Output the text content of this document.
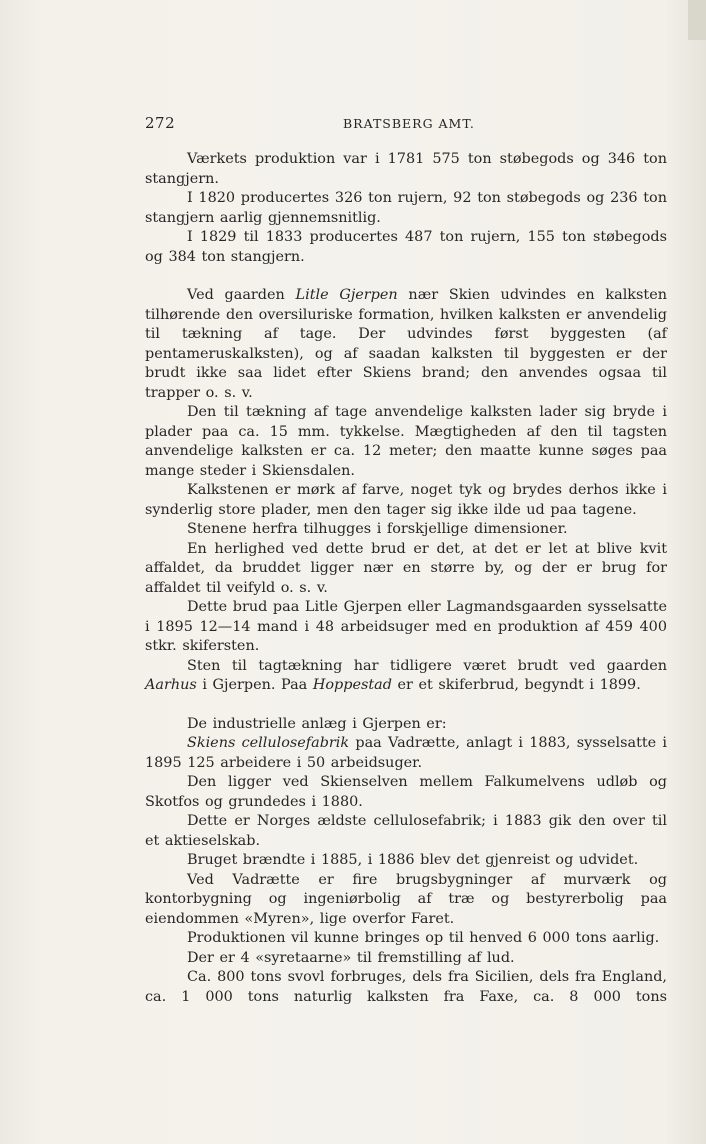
272	BRATSBERG AMT.

Værkets produktion var i 1781 575 ton støbegods og 346 ton stangjern.

I 1820 producertes 326 ton rujern, 92 ton støbegods og 236 ton stangjern aarlig gjennemsnitlig.

I 1829 til 1833 producertes 487 ton rujern, 155 ton støbegods og 384 ton stangjern.

Ved gaarden Litle Gjerpen nær Skien udvindes en kalksten tilhørende den oversiluriske formation, hvilken kalksten er anvendelig til tækning af tage. Der udvindes først byggesten (af pentameruskalksten), og af saadan kalksten til byggesten er der brudt ikke saa lidet efter Skiens brand; den anvendes ogsaa til trapper o. s. v.

Den til tækning af tage anvendelige kalksten lader sig bryde i plader paa ca. 15 mm. tykkelse. Mægtigheden af den til tagsten anvendelige kalksten er ca. 12 meter; den maatte kunne søges paa mange steder i Skiensdalen.

Kalkstenen er mørk af farve, noget tyk og brydes derhos ikke i synderlig store plader, men den tager sig ikke ilde ud paa tagene.

Stenene herfra tilhugges i forskjellige dimensioner.

En herlighed ved dette brud er det, at det er let at blive kvit affaldet, da bruddet ligger nær en større by, og der er brug for affaldet til veifyld o. s. v.

Dette brud paa Litle Gjerpen eller Lagmandsgaarden sysselsatte i 1895 12—14 mand i 48 arbeidsuger med en produktion af 459 400 stkr. skifersten.

Sten til tagtækning har tidligere været brudt ved gaarden Aarhus i Gjerpen. Paa Hoppestad er et skiferbrud, begyndt i 1899.

De industrielle anlæg i Gjerpen er:

Skiens cellulosefabrik paa Vadrætte, anlagt i 1883, sysselsatte i 1895 125 arbeidere i 50 arbeidsuger.

Den ligger ved Skienselven mellem Falkumelvens udløb og Skotfos og grundedes i 1880.

Dette er Norges ældste cellulosefabrik; i 1883 gik den over til et aktieselskab.

Bruget brændte i 1885, i 1886 blev det gjenreist og udvidet.

Ved Vadrætte er fire brugsbygninger af murværk og kontorbygning og ingeniørbolig af træ og bestyrerbolig paa eiendommen «Myren», lige overfor Faret.

Produktionen vil kunne bringes op til henved 6 000 tons aarlig.

Der er 4 «syretaarne» til fremstilling af lud.

Ca. 800 tons svovl forbruges, dels fra Sicilien, dels fra England, ca. 1 000 tons naturlig kalksten fra Faxe, ca. 8 000 tons
